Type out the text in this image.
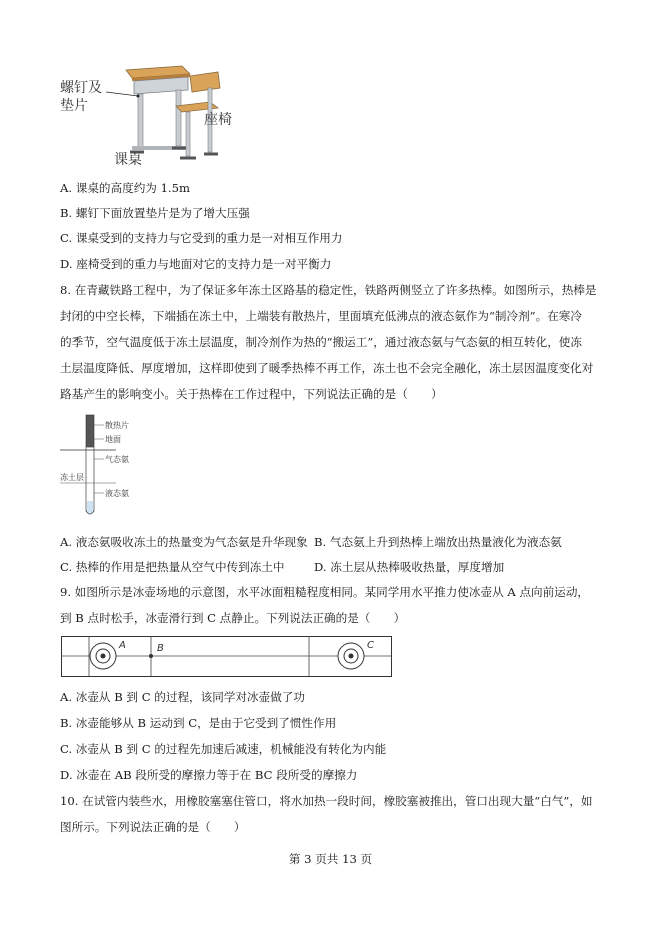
螺钉及
垫片
座椅
课桌
A. 课桌的高度约为 1.5m
B. 螺钉下面放置垫片是为了增大压强
C. 课桌受到的支持力与它受到的重力是一对相互作用力
D. 座椅受到的重力与地面对它的支持力是一对平衡力
8. 在青藏铁路工程中，为了保证多年冻土区路基的稳定性，铁路两侧竖立了许多热棒。如图所示，热棒是
封闭的中空长棒，下端插在冻土中，上端装有散热片，里面填充低沸点的液态氨作为“制冷剂”。在寒冷
的季节，空气温度低于冻土层温度，制冷剂作为热的“搬运工”，通过液态氨与气态氨的相互转化，使冻
土层温度降低、厚度增加，这样即使到了暖季热棒不再工作，冻土也不会完全融化，冻土层因温度变化对
路基产生的影响变小。关于热棒在工作过程中，下列说法正确的是（　　）
散热片
地面
气态氨
冻土层
液态氨
A. 液态氨吸收冻土的热量变为气态氨是升华现象 B. 气态氨上升到热棒上端放出热量液化为液态氨
C. 热棒的作用是把热量从空气中传到冻土中	D. 冻土层从热棒吸收热量，厚度增加
9. 如图所示是冰壶场地的示意图，水平冰面粗糙程度相同。某同学用水平推力使冰壶从 A 点向前运动，
到 B 点时松手，冰壶滑行到 C 点静止。下列说法正确的是（　　）
A	B	C
A. 冰壶从 B 到 C 的过程，该同学对冰壶做了功
B. 冰壶能够从 B 运动到 C，是由于它受到了惯性作用
C. 冰壶从 B 到 C 的过程先加速后减速，机械能没有转化为内能
D. 冰壶在 AB 段所受的摩擦力等于在 BC 段所受的摩擦力
10. 在试管内装些水，用橡胶塞塞住管口，将水加热一段时间，橡胶塞被推出，管口出现大量“白气”，如
图所示。下列说法正确的是（　　）
第 3 页共 13 页
